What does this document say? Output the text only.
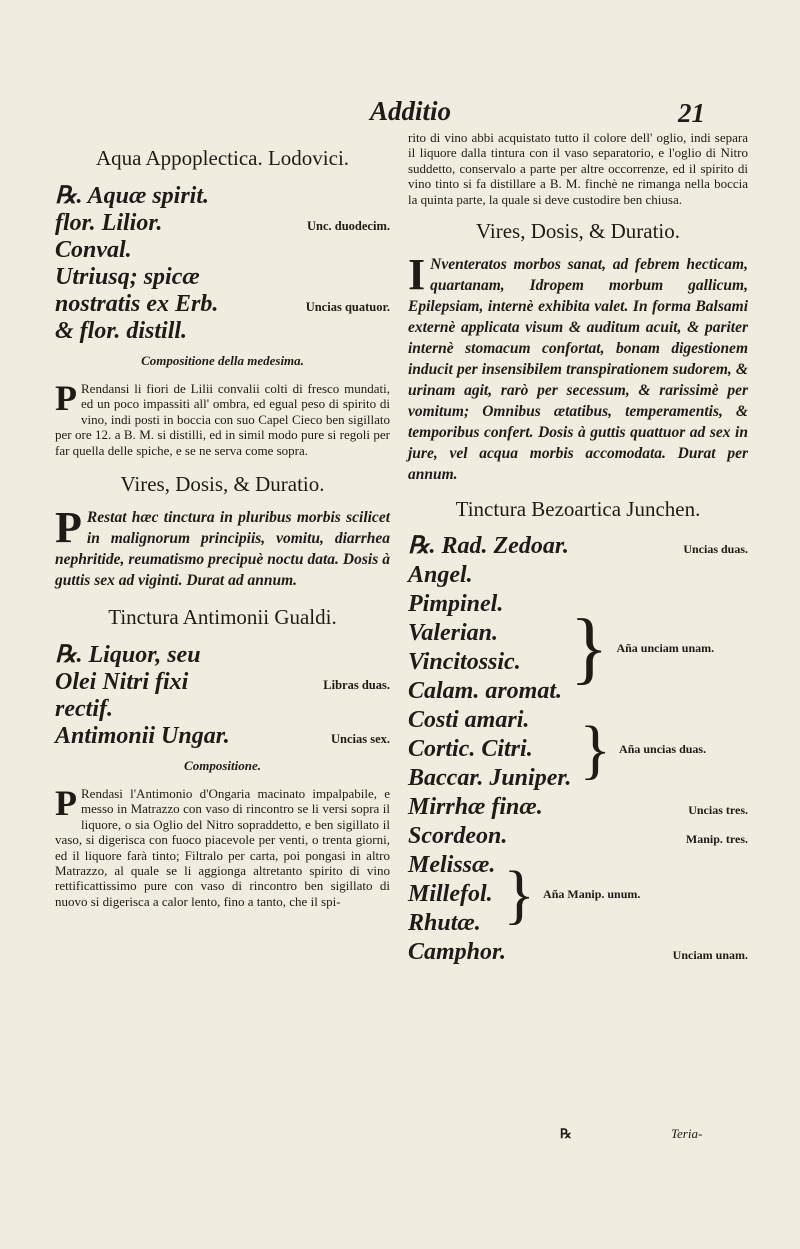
Additio	21
Aqua Appoplectica. Lodovici.
℞. Aquæ spirit.
flor. Lilior.	Unc. duodecim.
Conval.
Utriusq; spicæ
nostratis ex Erb.	Uncias quatuor.
& flor. distill.
Compositione della medesima.
PRendansi li fiori de Lilii convalii colti di fresco mundati, ed un poco impassiti all' ombra, ed egual peso di spirito di vino, indi posti in boccia con suo Capel Cieco ben sigillato per ore 12. a B. M. si distilli, ed in simil modo pure si regoli per far quella delle spiche, e se ne serva come sopra.
Vires, Dosis, & Duratio.
PRestat hæc tinctura in pluribus morbis scilicet in malignorum principiis, vomitu, diarrhea nephritide, reumatismo precipuè noctu data. Dosis à guttis sex ad viginti. Durat ad annum.
Tinctura Antimonii Gualdi.
℞. Liquor, seu
Olei Nitri fixi	Libras duas.
rectif.
Antimonii Ungar.	Uncias sex.
Compositione.
PRendasi l'Antimonio d'Ongaria macinato impalpabile, e messo in Matrazzo con vaso di rincontro se li versi sopra il liquore, o sia Oglio del Nitro sopraddetto, e ben sigillato il vaso, si digerisca con fuoco piacevole per venti, o trenta giorni, ed il liquore farà tinto; Filtralo per carta, poi pongasi in altro Matrazzo, al quale se li aggionga altretanto spirito di vino rettificattissimo pure con vaso di rincontro ben sigillato di nuovo si digerisca a calor lento, fino a tanto, che il spi-
rito di vino abbi acquistato tutto il colore dell' oglio, indi separa il liquore dalla tintura con il vaso separatorio, e l'oglio di Nitro suddetto, conservalo a parte per altre occorrenze, ed il spirito di vino tinto si fa distillare a B. M. finchè ne rimanga nella boccia la quinta parte, la quale si deve custodire ben chiusa.
Vires, Dosis, & Duratio.
INventeratos morbos sanat, ad febrem hecticam, quartanam, Idropem morbum gallicum, Epilepsiam, internè exhibita valet. In forma Balsami externè applicata visum & auditum acuit, & pariter internè stomacum confortat, bonam digestionem inducit per insensibilem transpirationem sudorem, & urinam agit, rarò per secessum, & rarissimè per vomitum; Omnibus ætatibus, temperamentis, & temporibus confert. Dosis à guttis quattuor ad sex in jure, vel acqua morbis accomodata. Durat per annum.
Tinctura Bezoartica Junchen.
℞. Rad. Zedoar.	Uncias duas.
Angel.
Pimpinel.
Valerian.
Vincitossic.
Calam. aromat. } Aña unciam unam.
Costi amari.
Cortic. Citri.
Baccar. Juniper. } Aña uncias duas.
Mirrhæ finæ.	Uncias tres.
Scordeon.	Manip. tres.
Melissæ.
Millefol.
Rhutæ. } Aña Manip. unum.
Camphor.	Unciam unam.
℞	Teria-
